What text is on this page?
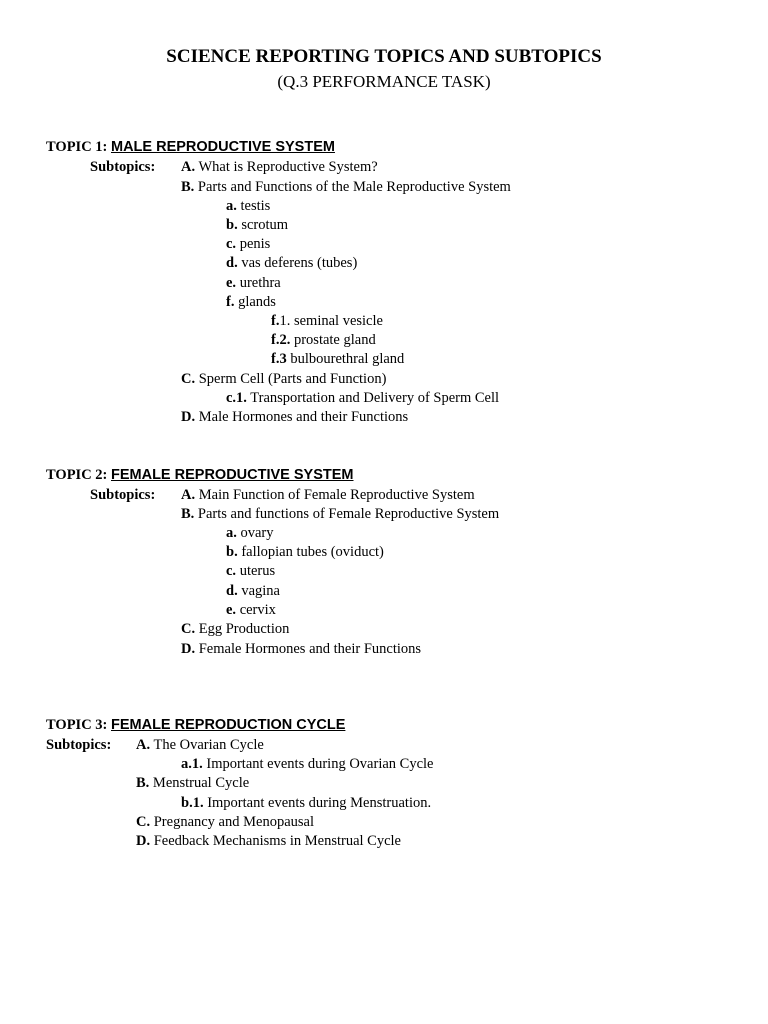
SCIENCE REPORTING TOPICS AND SUBTOPICS
(Q.3 PERFORMANCE TASK)
TOPIC 1: MALE REPRODUCTIVE SYSTEM
Subtopics: A. What is Reproductive System?
B. Parts and Functions of the Male Reproductive System
a. testis
b. scrotum
c. penis
d. vas deferens (tubes)
e. urethra
f. glands
f.1. seminal vesicle
f.2. prostate gland
f.3 bulbourethral gland
C. Sperm Cell (Parts and Function)
c.1. Transportation and Delivery of Sperm Cell
D. Male Hormones and their Functions
TOPIC 2: FEMALE REPRODUCTIVE SYSTEM
Subtopics: A. Main Function of Female Reproductive System
B. Parts and functions of Female Reproductive System
a. ovary
b. fallopian tubes (oviduct)
c. uterus
d. vagina
e. cervix
C. Egg Production
D. Female Hormones and their Functions
TOPIC 3: FEMALE REPRODUCTION CYCLE
Subtopics: A. The Ovarian Cycle
a.1. Important events during Ovarian Cycle
B. Menstrual Cycle
b.1. Important events during Menstruation.
C. Pregnancy and Menopausal
D. Feedback Mechanisms in Menstrual Cycle
